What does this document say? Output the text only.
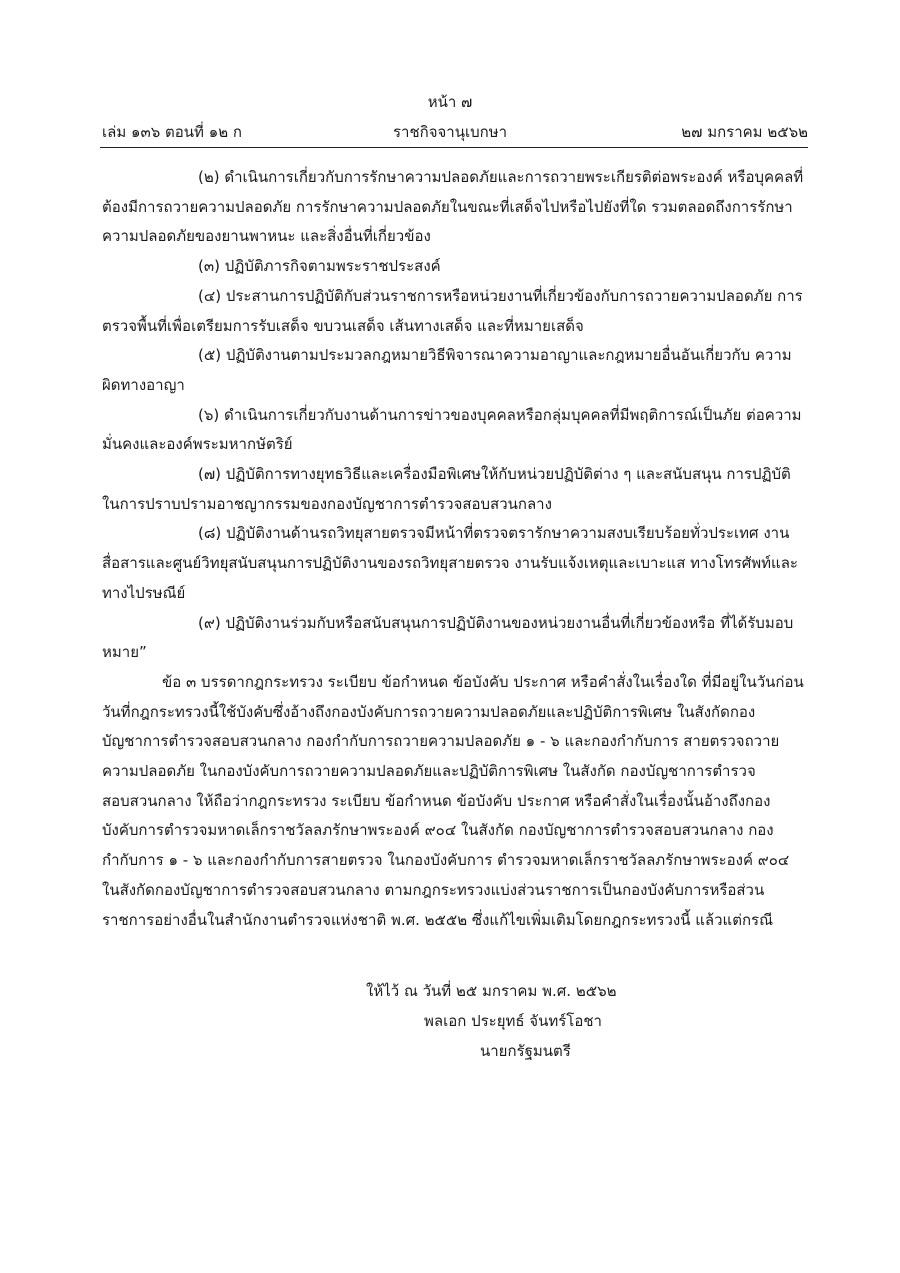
หน้า ๗
เล่ม ๑๓๖ ตอนที่ ๑๒ ก	ราชกิจจานุเบกษา	๒๗ มกราคม ๒๕๖๒

(๒) ดำเนินการเกี่ยวกับการรักษาความปลอดภัยและการถวายพระเกียรติต่อพระองค์ หรือบุคคลที่ต้องมีการถวายความปลอดภัย การรักษาความปลอดภัยในขณะที่เสด็จไปหรือไปยังที่ใด รวมตลอดถึงการรักษาความปลอดภัยของยานพาหนะ และสิ่งอื่นที่เกี่ยวข้อง

(๓) ปฏิบัติภารกิจตามพระราชประสงค์

(๔) ประสานการปฏิบัติกับส่วนราชการหรือหน่วยงานที่เกี่ยวข้องกับการถวายความปลอดภัย การตรวจพื้นที่เพื่อเตรียมการรับเสด็จ ขบวนเสด็จ เส้นทางเสด็จ และที่หมายเสด็จ

(๕) ปฏิบัติงานตามประมวลกฎหมายวิธีพิจารณาความอาญาและกฎหมายอื่นอันเกี่ยวกับ ความผิดทางอาญา

(๖) ดำเนินการเกี่ยวกับงานด้านการข่าวของบุคคลหรือกลุ่มบุคคลที่มีพฤติการณ์เป็นภัย ต่อความมั่นคงและองค์พระมหากษัตริย์

(๗) ปฏิบัติการทางยุทธวิธีและเครื่องมือพิเศษให้กับหน่วยปฏิบัติต่าง ๆ และสนับสนุน การปฏิบัติในการปราบปรามอาชญากรรมของกองบัญชาการตำรวจสอบสวนกลาง

(๘) ปฏิบัติงานด้านรถวิทยุสายตรวจมีหน้าที่ตรวจตรารักษาความสงบเรียบร้อยทั่วประเทศ งานสื่อสารและศูนย์วิทยุสนับสนุนการปฏิบัติงานของรถวิทยุสายตรวจ งานรับแจ้งเหตุและเบาะแส ทางโทรศัพท์และทางไปรษณีย์

(๙) ปฏิบัติงานร่วมกับหรือสนับสนุนการปฏิบัติงานของหน่วยงานอื่นที่เกี่ยวข้องหรือ ที่ได้รับมอบหมาย”

ข้อ ๓ บรรดากฎกระทรวง ระเบียบ ข้อกำหนด ข้อบังคับ ประกาศ หรือคำสั่งในเรื่องใด ที่มีอยู่ในวันก่อนวันที่กฎกระทรวงนี้ใช้บังคับซึ่งอ้างถึงกองบังคับการถวายความปลอดภัยและปฏิบัติการพิเศษ ในสังกัดกองบัญชาการตำรวจสอบสวนกลาง กองกำกับการถวายความปลอดภัย ๑ - ๖ และกองกำกับการ สายตรวจถวายความปลอดภัย ในกองบังคับการถวายความปลอดภัยและปฏิบัติการพิเศษ ในสังกัด กองบัญชาการตำรวจสอบสวนกลาง ให้ถือว่ากฎกระทรวง ระเบียบ ข้อกำหนด ข้อบังคับ ประกาศ หรือคำสั่งในเรื่องนั้นอ้างถึงกองบังคับการตำรวจมหาดเล็กราชวัลลภรักษาพระองค์ ๙๐๔ ในสังกัด กองบัญชาการตำรวจสอบสวนกลาง กองกำกับการ ๑ - ๖ และกองกำกับการสายตรวจ ในกองบังคับการ ตำรวจมหาดเล็กราชวัลลภรักษาพระองค์ ๙๐๔ ในสังกัดกองบัญชาการตำรวจสอบสวนกลาง ตามกฎกระทรวงแบ่งส่วนราชการเป็นกองบังคับการหรือส่วนราชการอย่างอื่นในสำนักงานตำรวจแห่งชาติ พ.ศ. ๒๕๕๒ ซึ่งแก้ไขเพิ่มเติมโดยกฎกระทรวงนี้ แล้วแต่กรณี

ให้ไว้ ณ วันที่ ๒๕ มกราคม พ.ศ. ๒๕๖๒
พลเอก ประยุทธ์ จันทร์โอชา
นายกรัฐมนตรี
